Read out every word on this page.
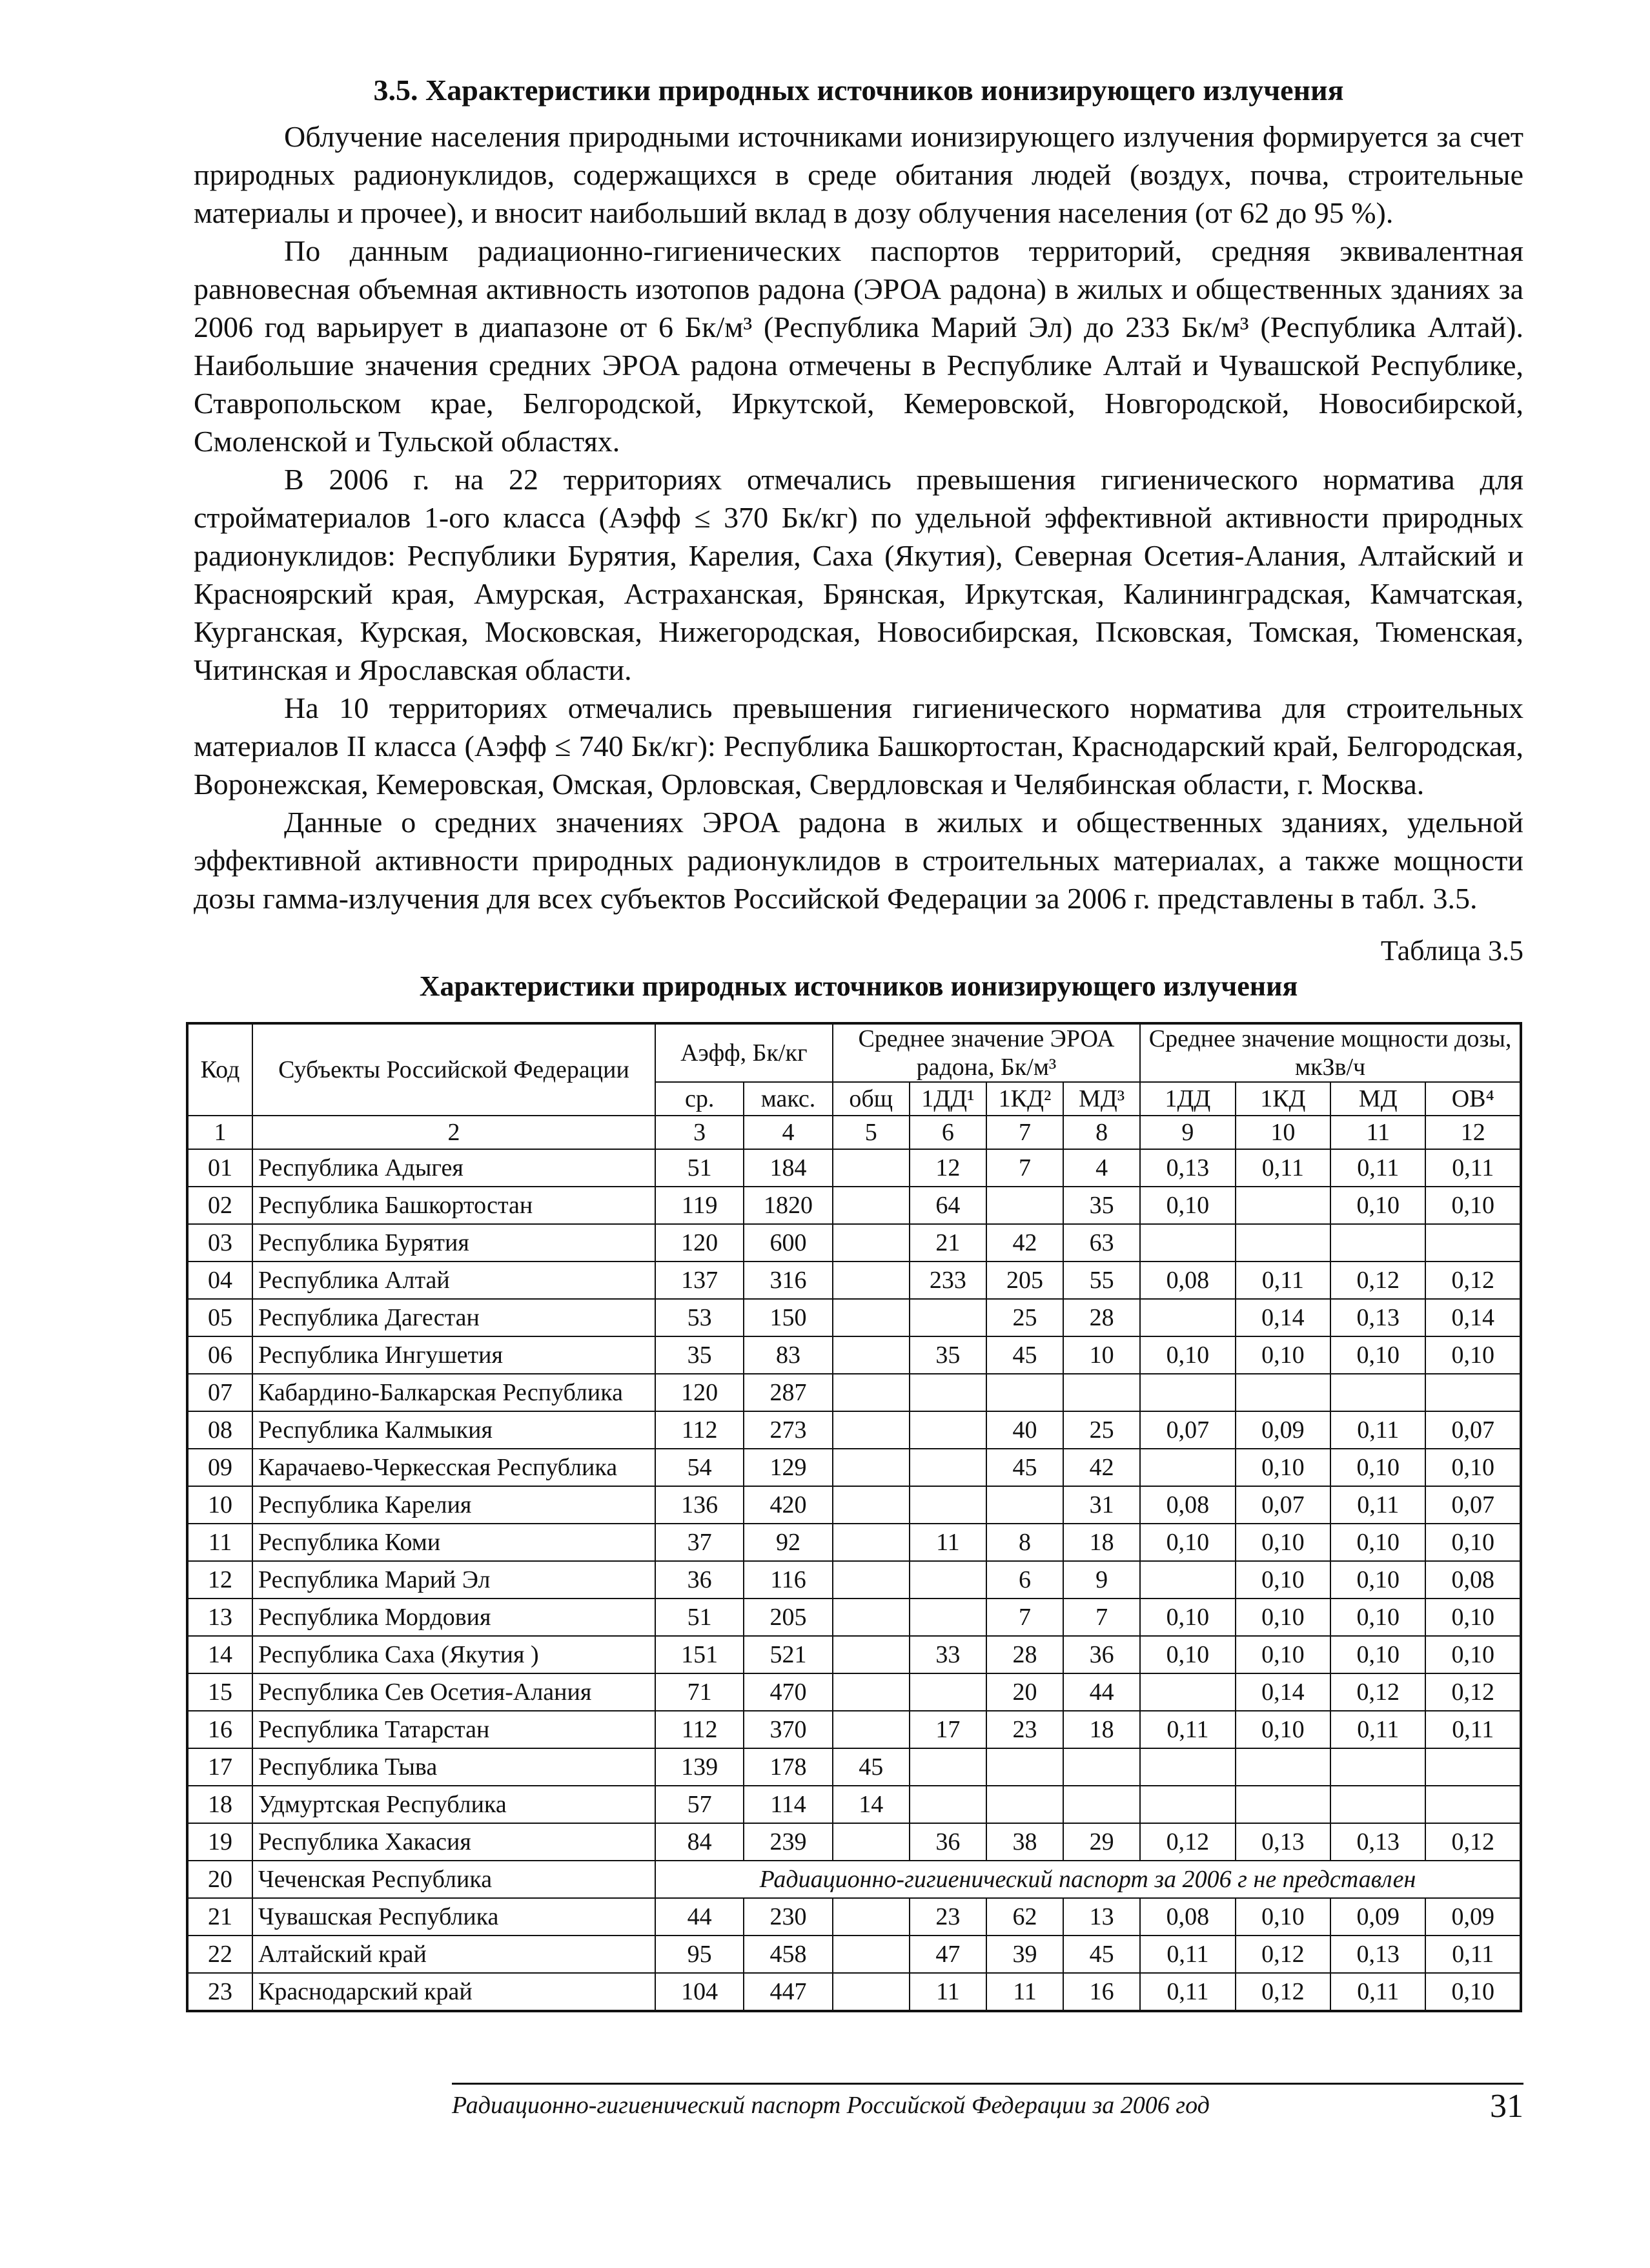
3.5. Характеристики природных источников ионизирующего излучения

Облучение населения природными источниками ионизирующего излучения формируется за счет природных радионуклидов, содержащихся в среде обитания людей (воздух, почва, строительные материалы и прочее), и вносит наибольший вклад в дозу облучения населения (от 62 до 95 %).

По данным радиационно-гигиенических паспортов территорий, средняя эквивалентная равновесная объемная активность изотопов радона (ЭРОА радона) в жилых и общественных зданиях за 2006 год варьирует в диапазоне от 6 Бк/м³ (Республика Марий Эл) до 233 Бк/м³ (Республика Алтай). Наибольшие значения средних ЭРОА радона отмечены в Республике Алтай и Чувашской Республике, Ставропольском крае, Белгородской, Иркутской, Кемеровской, Новгородской, Новосибирской, Смоленской и Тульской областях.

В 2006 г. на 22 территориях отмечались превышения гигиенического норматива для стройматериалов 1-ого класса (Аэфф ≤ 370 Бк/кг) по удельной эффективной активности природных радионуклидов: Республики Бурятия, Карелия, Саха (Якутия), Северная Осетия-Алания, Алтайский и Красноярский края, Амурская, Астраханская, Брянская, Иркутская, Калининградская, Камчатская, Курганская, Курская, Московская, Нижегородская, Новосибирская, Псковская, Томская, Тюменская, Читинская и Ярославская области.

На 10 территориях отмечались превышения гигиенического норматива для строительных материалов II класса (Аэфф ≤ 740 Бк/кг): Республика Башкортостан, Краснодарский край, Белгородская, Воронежская, Кемеровская, Омская, Орловская, Свердловская и Челябинская области, г. Москва.

Данные о средних значениях ЭРОА радона в жилых и общественных зданиях, удельной эффективной активности природных радионуклидов в строительных материалах, а также мощности дозы гамма-излучения для всех субъектов Российской Федерации за 2006 г. представлены в табл. 3.5.

Таблица 3.5
Характеристики природных источников ионизирующего излучения
Код	Субъекты Российской Федерации	Аэфф, Бк/кг		Среднее значение ЭРОА радона, Бк/м³				Среднее значение мощности дозы, мкЗв/ч			
		ср.	макс.	общ	1ДД¹	1КД²	МД³	1ДД	1КД	МД	ОВ⁴
1	2	3	4	5	6	7	8	9	10	11	12
01	Республика Адыгея	51	184		12	7	4	0,13	0,11	0,11	0,11
02	Республика Башкортостан	119	1820		64		35	0,10		0,10	0,10
03	Республика Бурятия	120	600		21	42	63				
04	Республика Алтай	137	316		233	205	55	0,08	0,11	0,12	0,12
05	Республика Дагестан	53	150			25	28		0,14	0,13	0,14
06	Республика Ингушетия	35	83		35	45	10	0,10	0,10	0,10	0,10
07	Кабардино-Балкарская Республика	120	287								
08	Республика Калмыкия	112	273			40	25	0,07	0,09	0,11	0,07
09	Карачаево-Черкесская Республика	54	129			45	42		0,10	0,10	0,10
10	Республика Карелия	136	420				31	0,08	0,07	0,11	0,07
11	Республика Коми	37	92		11	8	18	0,10	0,10	0,10	0,10
12	Республика Марий Эл	36	116			6	9		0,10	0,10	0,08
13	Республика Мордовия	51	205			7	7	0,10	0,10	0,10	0,10
14	Республика Саха (Якутия )	151	521		33	28	36	0,10	0,10	0,10	0,10
15	Республика Сев Осетия-Алания	71	470			20	44		0,14	0,12	0,12
16	Республика Татарстан	112	370		17	23	18	0,11	0,10	0,11	0,11
17	Республика Тыва	139	178	45							
18	Удмуртская Республика	57	114	14							
19	Республика Хакасия	84	239		36	38	29	0,12	0,13	0,13	0,12
20	Чеченская Республика	Радиационно-гигиенический паспорт за 2006 г не представлен									
21	Чувашская Республика	44	230		23	62	13	0,08	0,10	0,09	0,09
22	Алтайский край	95	458		47	39	45	0,11	0,12	0,13	0,11
23	Краснодарский край	104	447		11	11	16	0,11	0,12	0,11	0,10
Радиационно-гигиенический паспорт Российской Федерации за 2006 год	31
